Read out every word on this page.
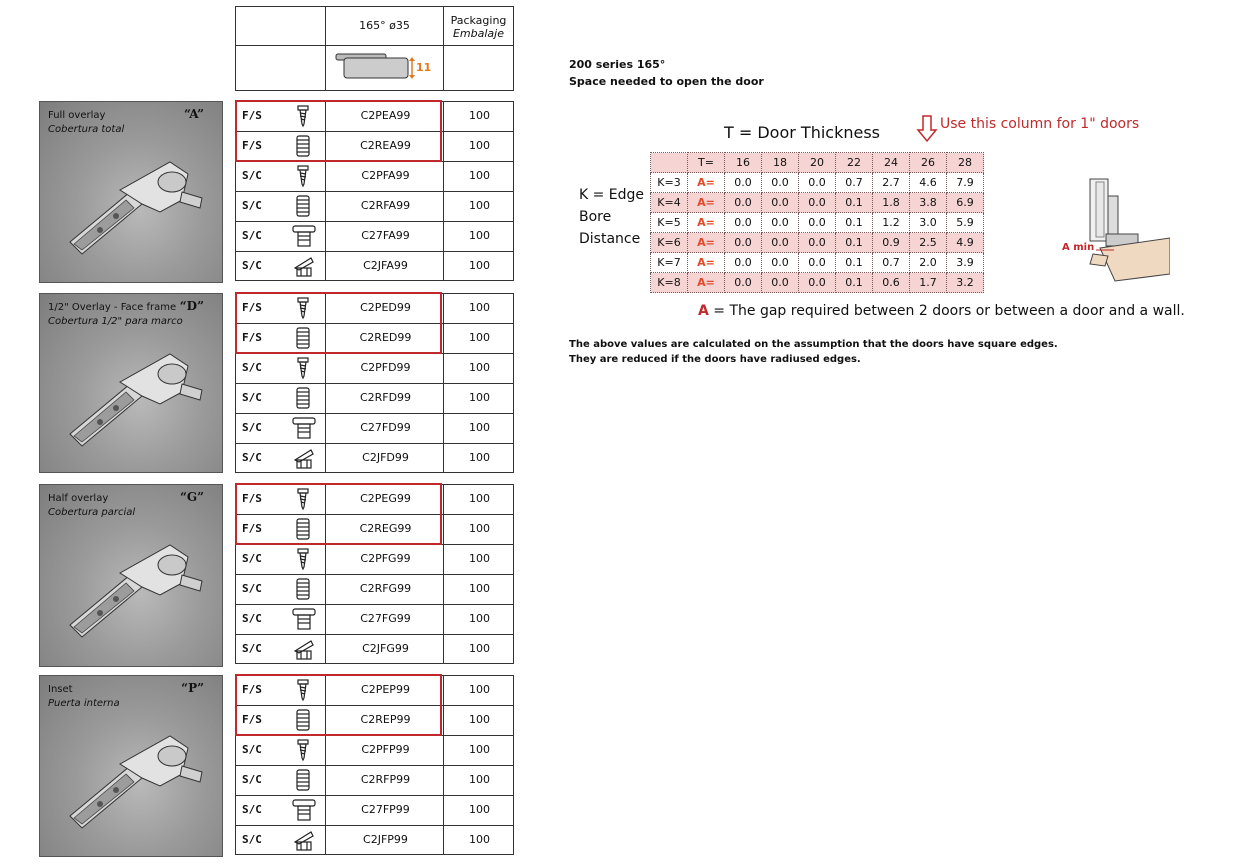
165° ø35	Packaging
Embalaje
11
Full overlay
Cobertura total
“A”	F/S	C2PEA99	100
F/S	C2REA99	100
S/C	C2PFA99	100
S/C	C2RFA99	100
S/C	C27FA99	100
S/C	C2JFA99	100
1/2" Overlay - Face frame
Cobertura 1/2" para marco
“D”	F/S	C2PED99	100
F/S	C2RED99	100
S/C	C2PFD99	100
S/C	C2RFD99	100
S/C	C27FD99	100
S/C	C2JFD99	100
Half overlay
Cobertura parcial
“G”	F/S	C2PEG99	100
F/S	C2REG99	100
S/C	C2PFG99	100
S/C	C2RFG99	100
S/C	C27FG99	100
S/C	C2JFG99	100
Inset
Puerta interna
“P”	F/S	C2PEP99	100
F/S	C2REP99	100
S/C	C2PFP99	100
S/C	C2RFP99	100
S/C	C27FP99	100
S/C	C2JFP99	100
200 series 165°
Space needed to open the door
T = Door Thickness	Use this column for 1" doors
K = Edge
Bore
Distance
	T=	16	18	20	22	24	26	28
K=3	A=	0.0	0.0	0.0	0.7	2.7	4.6	7.9
K=4	A=	0.0	0.0	0.0	0.1	1.8	3.8	6.9
K=5	A=	0.0	0.0	0.0	0.1	1.2	3.0	5.9
K=6	A=	0.0	0.0	0.0	0.1	0.9	2.5	4.9
K=7	A=	0.0	0.0	0.0	0.1	0.7	2.0	3.9
K=8	A=	0.0	0.0	0.0	0.1	0.6	1.7	3.2
A min
A = The gap required between 2 doors or between a door and a wall.
The above values are calculated on the assumption that the doors have square edges.
They are reduced if the doors have radiused edges.
